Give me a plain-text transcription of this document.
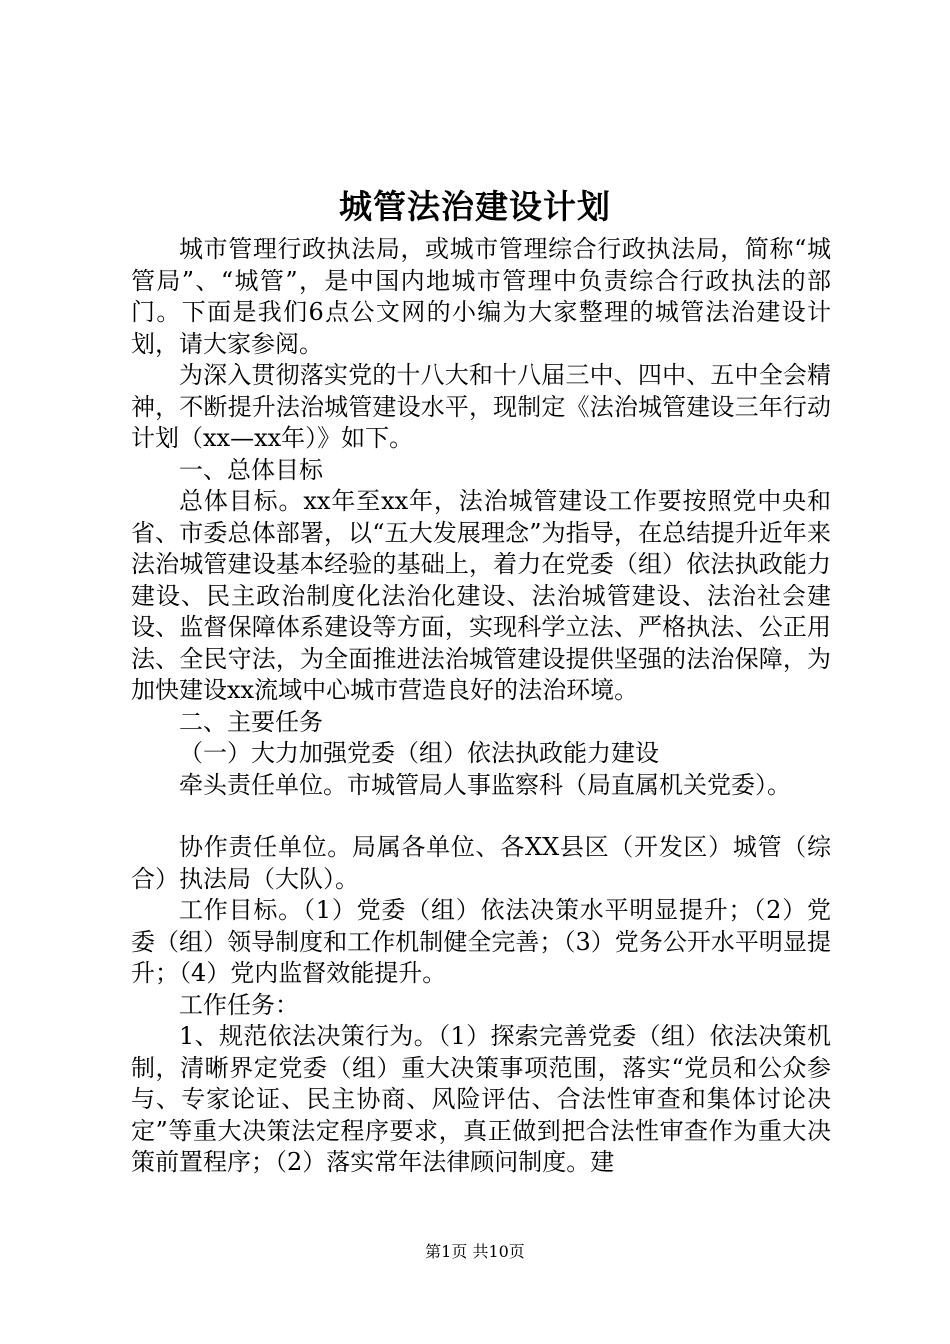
城管法治建设计划

城市管理行政执法局，或城市管理综合行政执法局，简称“城管局”、“城管”，是中国内地城市管理中负责综合行政执法的部门。下面是我们6点公文网的小编为大家整理的城管法治建设计划，请大家参阅。

为深入贯彻落实党的十八大和十八届三中、四中、五中全会精神，不断提升法治城管建设水平，现制定《法治城管建设三年行动计划（xx—xx年）》如下。

一、总体目标

总体目标。xx年至xx年，法治城管建设工作要按照党中央和省、市委总体部署，以“五大发展理念”为指导，在总结提升近年来法治城管建设基本经验的基础上，着力在党委（组）依法执政能力建设、民主政治制度化法治化建设、法治城管建设、法治社会建设、监督保障体系建设等方面，实现科学立法、严格执法、公正用法、全民守法，为全面推进法治城管建设提供坚强的法治保障，为加快建设xx流域中心城市营造良好的法治环境。

二、主要任务

（一）大力加强党委（组）依法执政能力建设

牵头责任单位。市城管局人事监察科（局直属机关党委）。

协作责任单位。局属各单位、各XX县区（开发区）城管（综合）执法局（大队）。

工作目标。（1）党委（组）依法决策水平明显提升；（2）党委（组）领导制度和工作机制健全完善；（3）党务公开水平明显提升；（4）党内监督效能提升。

工作任务：

1、规范依法决策行为。（1）探索完善党委（组）依法决策机制，清晰界定党委（组）重大决策事项范围，落实“党员和公众参与、专家论证、民主协商、风险评估、合法性审查和集体讨论决定”等重大决策法定程序要求，真正做到把合法性审查作为重大决策前置程序；（2）落实常年法律顾问制度。建

第1页 共10页
